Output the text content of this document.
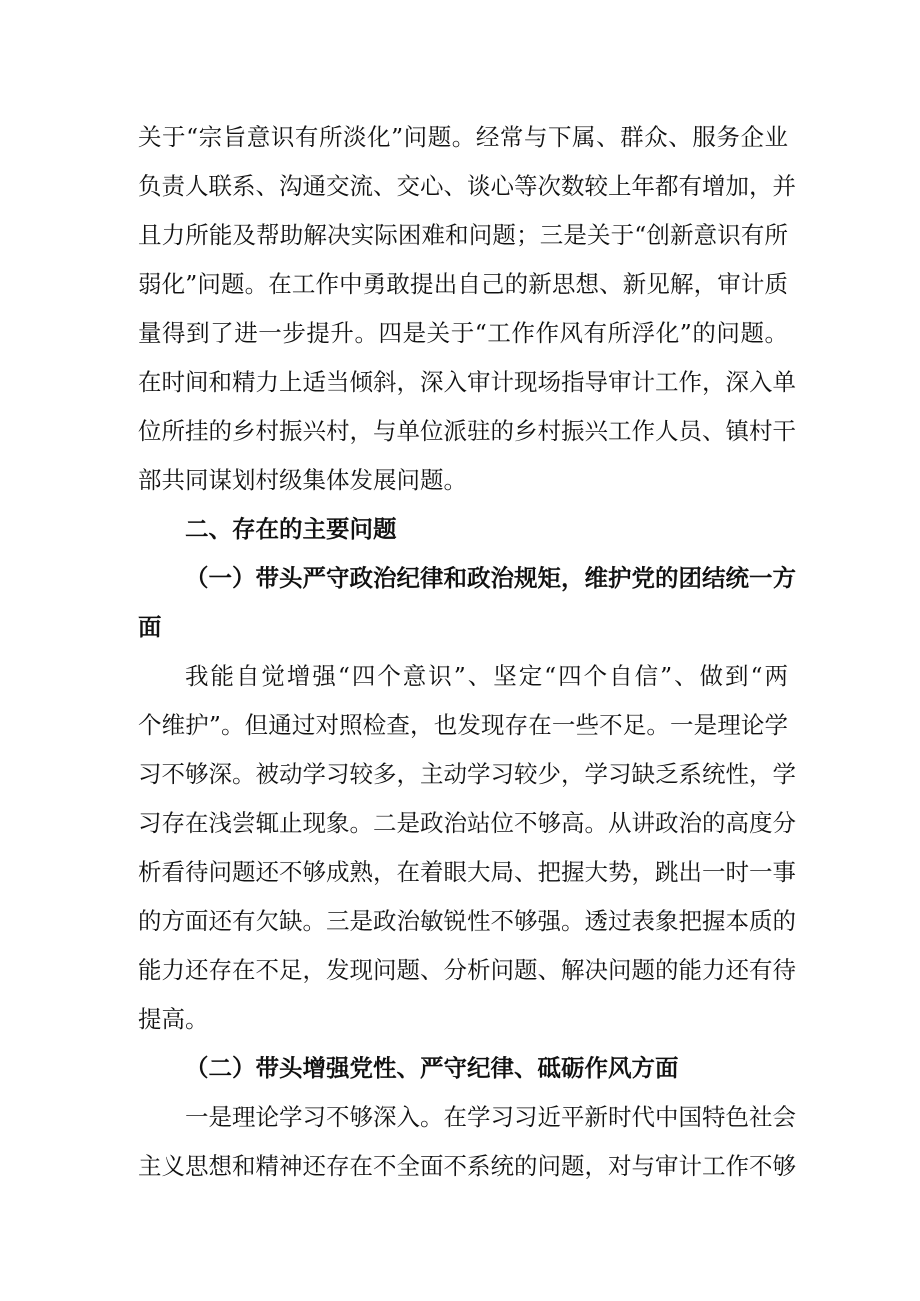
关于“宗旨意识有所淡化”问题。经常与下属、群众、服务企业
负责人联系、沟通交流、交心、谈心等次数较上年都有增加，并
且力所能及帮助解决实际困难和问题；三是关于“创新意识有所
弱化”问题。在工作中勇敢提出自己的新思想、新见解，审计质
量得到了进一步提升。四是关于“工作作风有所浮化”的问题。
在时间和精力上适当倾斜，深入审计现场指导审计工作，深入单
位所挂的乡村振兴村，与单位派驻的乡村振兴工作人员、镇村干
部共同谋划村级集体发展问题。
二、存在的主要问题
（一）带头严守政治纪律和政治规矩，维护党的团结统一方
面
我能自觉增强“四个意识”、坚定“四个自信”、做到“两
个维护”。但通过对照检查，也发现存在一些不足。一是理论学
习不够深。被动学习较多，主动学习较少，学习缺乏系统性，学
习存在浅尝辄止现象。二是政治站位不够高。从讲政治的高度分
析看待问题还不够成熟，在着眼大局、把握大势，跳出一时一事
的方面还有欠缺。三是政治敏锐性不够强。透过表象把握本质的
能力还存在不足，发现问题、分析问题、解决问题的能力还有待
提高。
（二）带头增强党性、严守纪律、砥砺作风方面
一是理论学习不够深入。在学习习近平新时代中国特色社会
主义思想和精神还存在不全面不系统的问题，对与审计工作不够
